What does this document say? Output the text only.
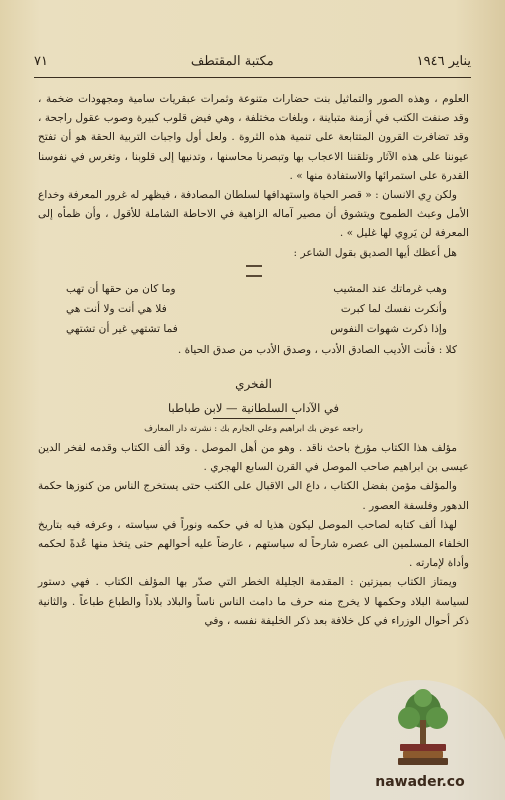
يناير ١٩٤٦
مكتبة المقتطف
٧١

العلوم ، وهذه الصور والتماثيل بنت حضارات متنوعة وثمرات عبقريات سامية ومجهودات ضخمة ، وقد صنفت الكتب في أزمنة متباينة ، وبلغات مختلفة ، وهي فيض قلوب كبيرة وصوب عقول راجحة ، وقد تضافرت القرون المتتابعة على تنمية هذه الثروة . ولعل أول واجبات التربية الحقة هو أن تفتح عيوننا على هذه الآثار وتلقننا الاعجاب بها وتبصرنا محاسنها ، وتدنيها إلى قلوبنا ، وتغرس في نفوسنا القدرة على استمرائها والاستفادة منها » .

ولكن رِي الانسان : « قصر الحياة واستهدافها لسلطان المصادفة ، فيظهر له غرور المعرفة وخداع الأمل وعبث الطموح ويتشوق أن مصير آماله الزاهية في الاحاطة الشاملة للأقول ، وأن ظمأه إلى المعرفة لن يَروِي لها غليل » .

هل أعظك أيها الصديق بقول الشاعر :

وهب غرماتك عند المشيب
وما كان من حقها أن تهب
وأنكرت نفسك لما كبرت
فلا هي أنت ولا أنت هي
وإذا ذكرت شهوات النفوس
فما تشتهي غير أن تشتهي

كلا : فأنت الأديب الصادق الأدب ، وصدق الأدب من صدق الحياة .

الفخري
في الآداب السلطانية — لابن طباطبا
راجعه عوض بك ابراهيم وعلي الجارم بك : نشرته دار المعارف

مؤلف هذا الكتاب مؤرخ باحث ناقد . وهو من أهل الموصل . وقد ألف الكتاب وقدمه لفخر الدين عيسى بن ابراهيم صاحب الموصل في القرن السابع الهجري .

والمؤلف مؤمن بفضل الكتاب ، داع الى الاقبال على الكتب حتى يستخرج الناس من كنوزها حكمة الدهور وفلسفة العصور .

لهذا ألف كتابه لصاحب الموصل ليكون هذيا له في حكمه ونوراً في سياسته ، وعرفه فيه بتاريخ الخلفاء المسلمين الى عصره شارحاً له سياستهم ، عارضاً عليه أحوالهم حتى يتخذ منها عُدةً لحكمه وأداة لإمارته .

ويمتاز الكتاب بميزتين : المقدمة الجليلة الخطر التي صدّر بها المؤلف الكتاب . فهي دستور لسياسة البلاد وحكمها لا يخرج منه حرف ما دامت الناس ناساً والبلاد بلاداً والطباع طباعاً . والثانية ذكر أحوال الوزراء في كل خلافة بعد ذكر الخليفة نفسه ، وفي

nawader.co
